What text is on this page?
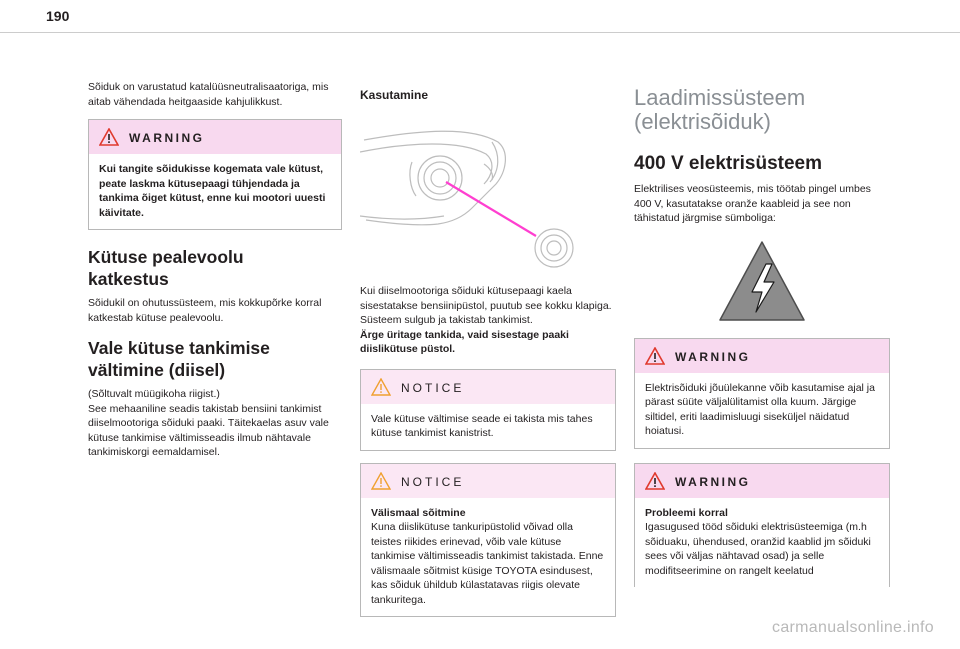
190

Sõiduk on varustatud katalüüsneutralisaatoriga, mis aitab vähendada heitgaaside kahjulikkust.

WARNING

Kui tangite sõidukisse kogemata vale kütust, peate laskma kütusepaagi tühjendada ja tankima õiget kütust, enne kui mootori uuesti käivitate.

Kütuse pealevoolu
katkestus

Sõidukil on ohutussüsteem, mis kokkupõrke korral katkestab kütuse pealevoolu.

Vale kütuse tankimise
vältimine (diisel)

(Sõltuvalt müügikoha riigist.)

See mehaaniline seadis takistab bensiini tankimist diiselmootoriga sõiduki paaki. Täitekaelas asuv vale kütuse tankimise vältimisseadis ilmub nähtavale tankimiskorgi eemaldamisel.

Kasutamine

Kui diiselmootoriga sõiduki kütusepaagi kaela sisestatakse bensiinipüstol, puutub see kokku klapiga. Süsteem sulgub ja takistab tankimist.

Ärge üritage tankida, vaid sisestage paaki diislikütuse püstol.

NOTICE

Vale kütuse vältimise seade ei takista mis tahes kütuse tankimist kanistrist.

NOTICE

Välismaal sõitmine

Kuna diislikütuse tankuripüstolid võivad olla teistes riikides erinevad, võib vale kütuse tankimise vältimisseadis tankimist takistada. Enne välismaale sõitmist küsige TOYOTA esindusest, kas sõiduk ühildub külastatavas riigis olevate tankuritega.

Laadimissüsteem
(elektrisõiduk)
400 V elektrisüsteem

Elektrilises veosüsteemis, mis töötab pingel umbes 400 V, kasutatakse oranže kaableid ja see non tähistatud järgmise sümboliga:

WARNING

Elektrisõiduki jõuülekanne võib kasutamise ajal ja pärast süüte väljalülitamist olla kuum. Järgige siltidel, eriti laadimisluugi siseküljel näidatud hoiatusi.

WARNING

Probleemi korral

Igasugused tööd sõiduki elektrisüsteemiga (m.h sõiduaku, ühendused, oranžid kaablid jm sõiduki sees või väljas nähtavad osad) ja selle modifitseerimine on rangelt keelatud

carmanualsonline.info
